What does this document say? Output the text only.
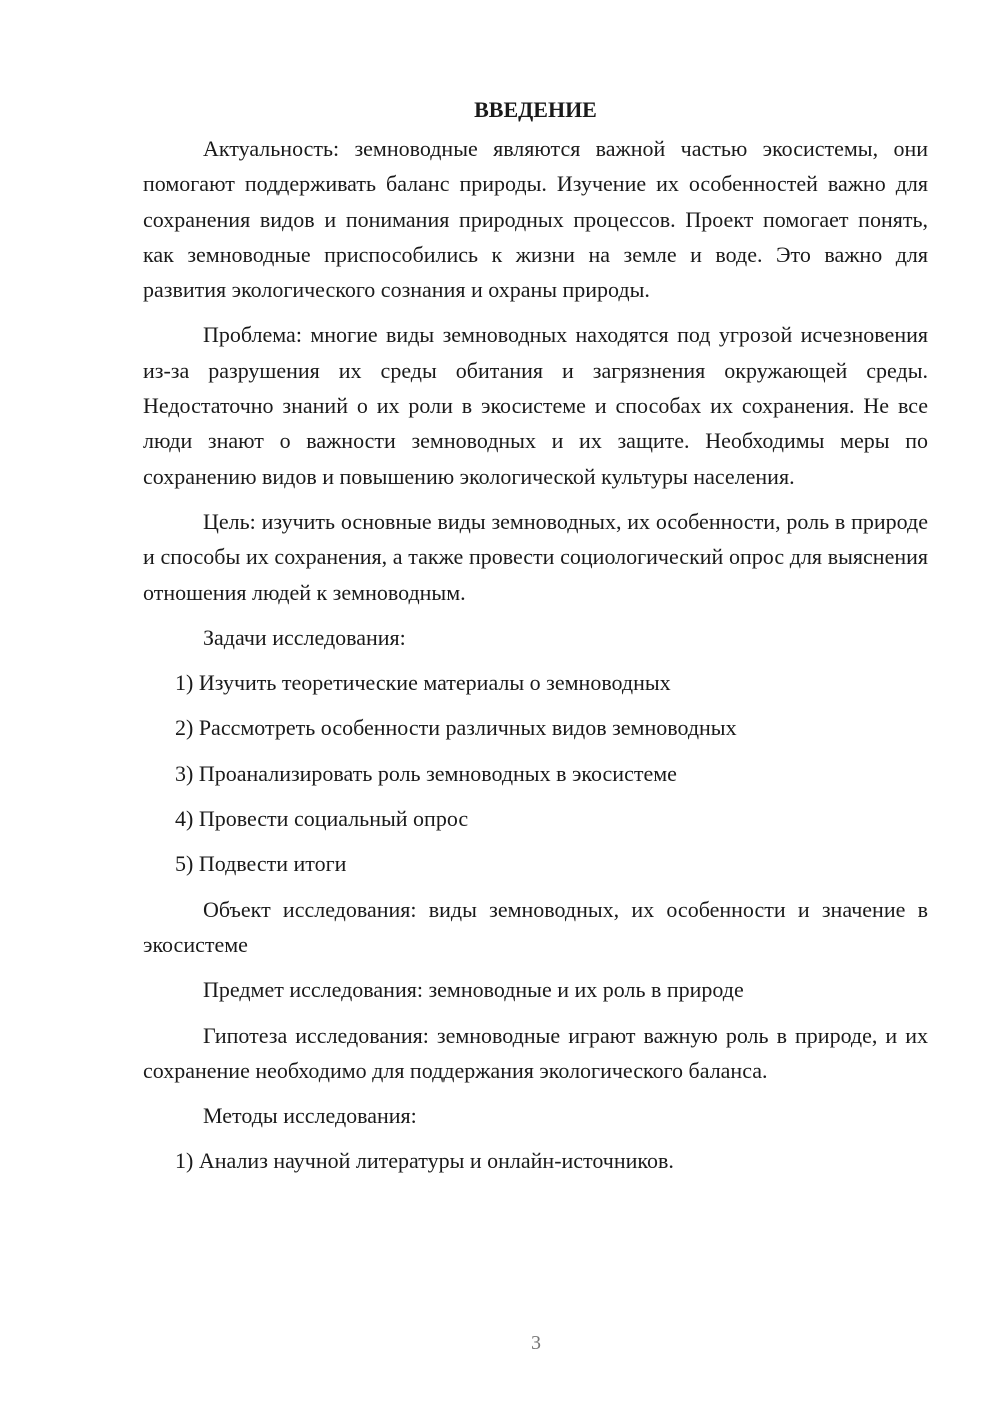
ВВЕДЕНИЕ

Актуальность: земноводные являются важной частью экосистемы, они помогают поддерживать баланс природы. Изучение их особенностей важно для сохранения видов и понимания природных процессов. Проект помогает понять, как земноводные приспособились к жизни на земле и воде. Это важно для развития экологического сознания и охраны природы.

Проблема: многие виды земноводных находятся под угрозой исчезновения из-за разрушения их среды обитания и загрязнения окружающей среды. Недостаточно знаний о их роли в экосистеме и способах их сохранения. Не все люди знают о важности земноводных и их защите. Необходимы меры по сохранению видов и повышению экологической культуры населения.

Цель: изучить основные виды земноводных, их особенности, роль в природе и способы их сохранения, а также провести социологический опрос для выяснения отношения людей к земноводным.

Задачи исследования:
1) Изучить теоретические материалы о земноводных
2) Рассмотреть особенности различных видов земноводных
3) Проанализировать роль земноводных в экосистеме
4) Провести социальный опрос
5) Подвести итоги

Объект исследования: виды земноводных, их особенности и значение в экосистеме

Предмет исследования: земноводные и их роль в природе

Гипотеза исследования: земноводные играют важную роль в природе, и их сохранение необходимо для поддержания экологического баланса.

Методы исследования:
1) Анализ научной литературы и онлайн-источников.
3
